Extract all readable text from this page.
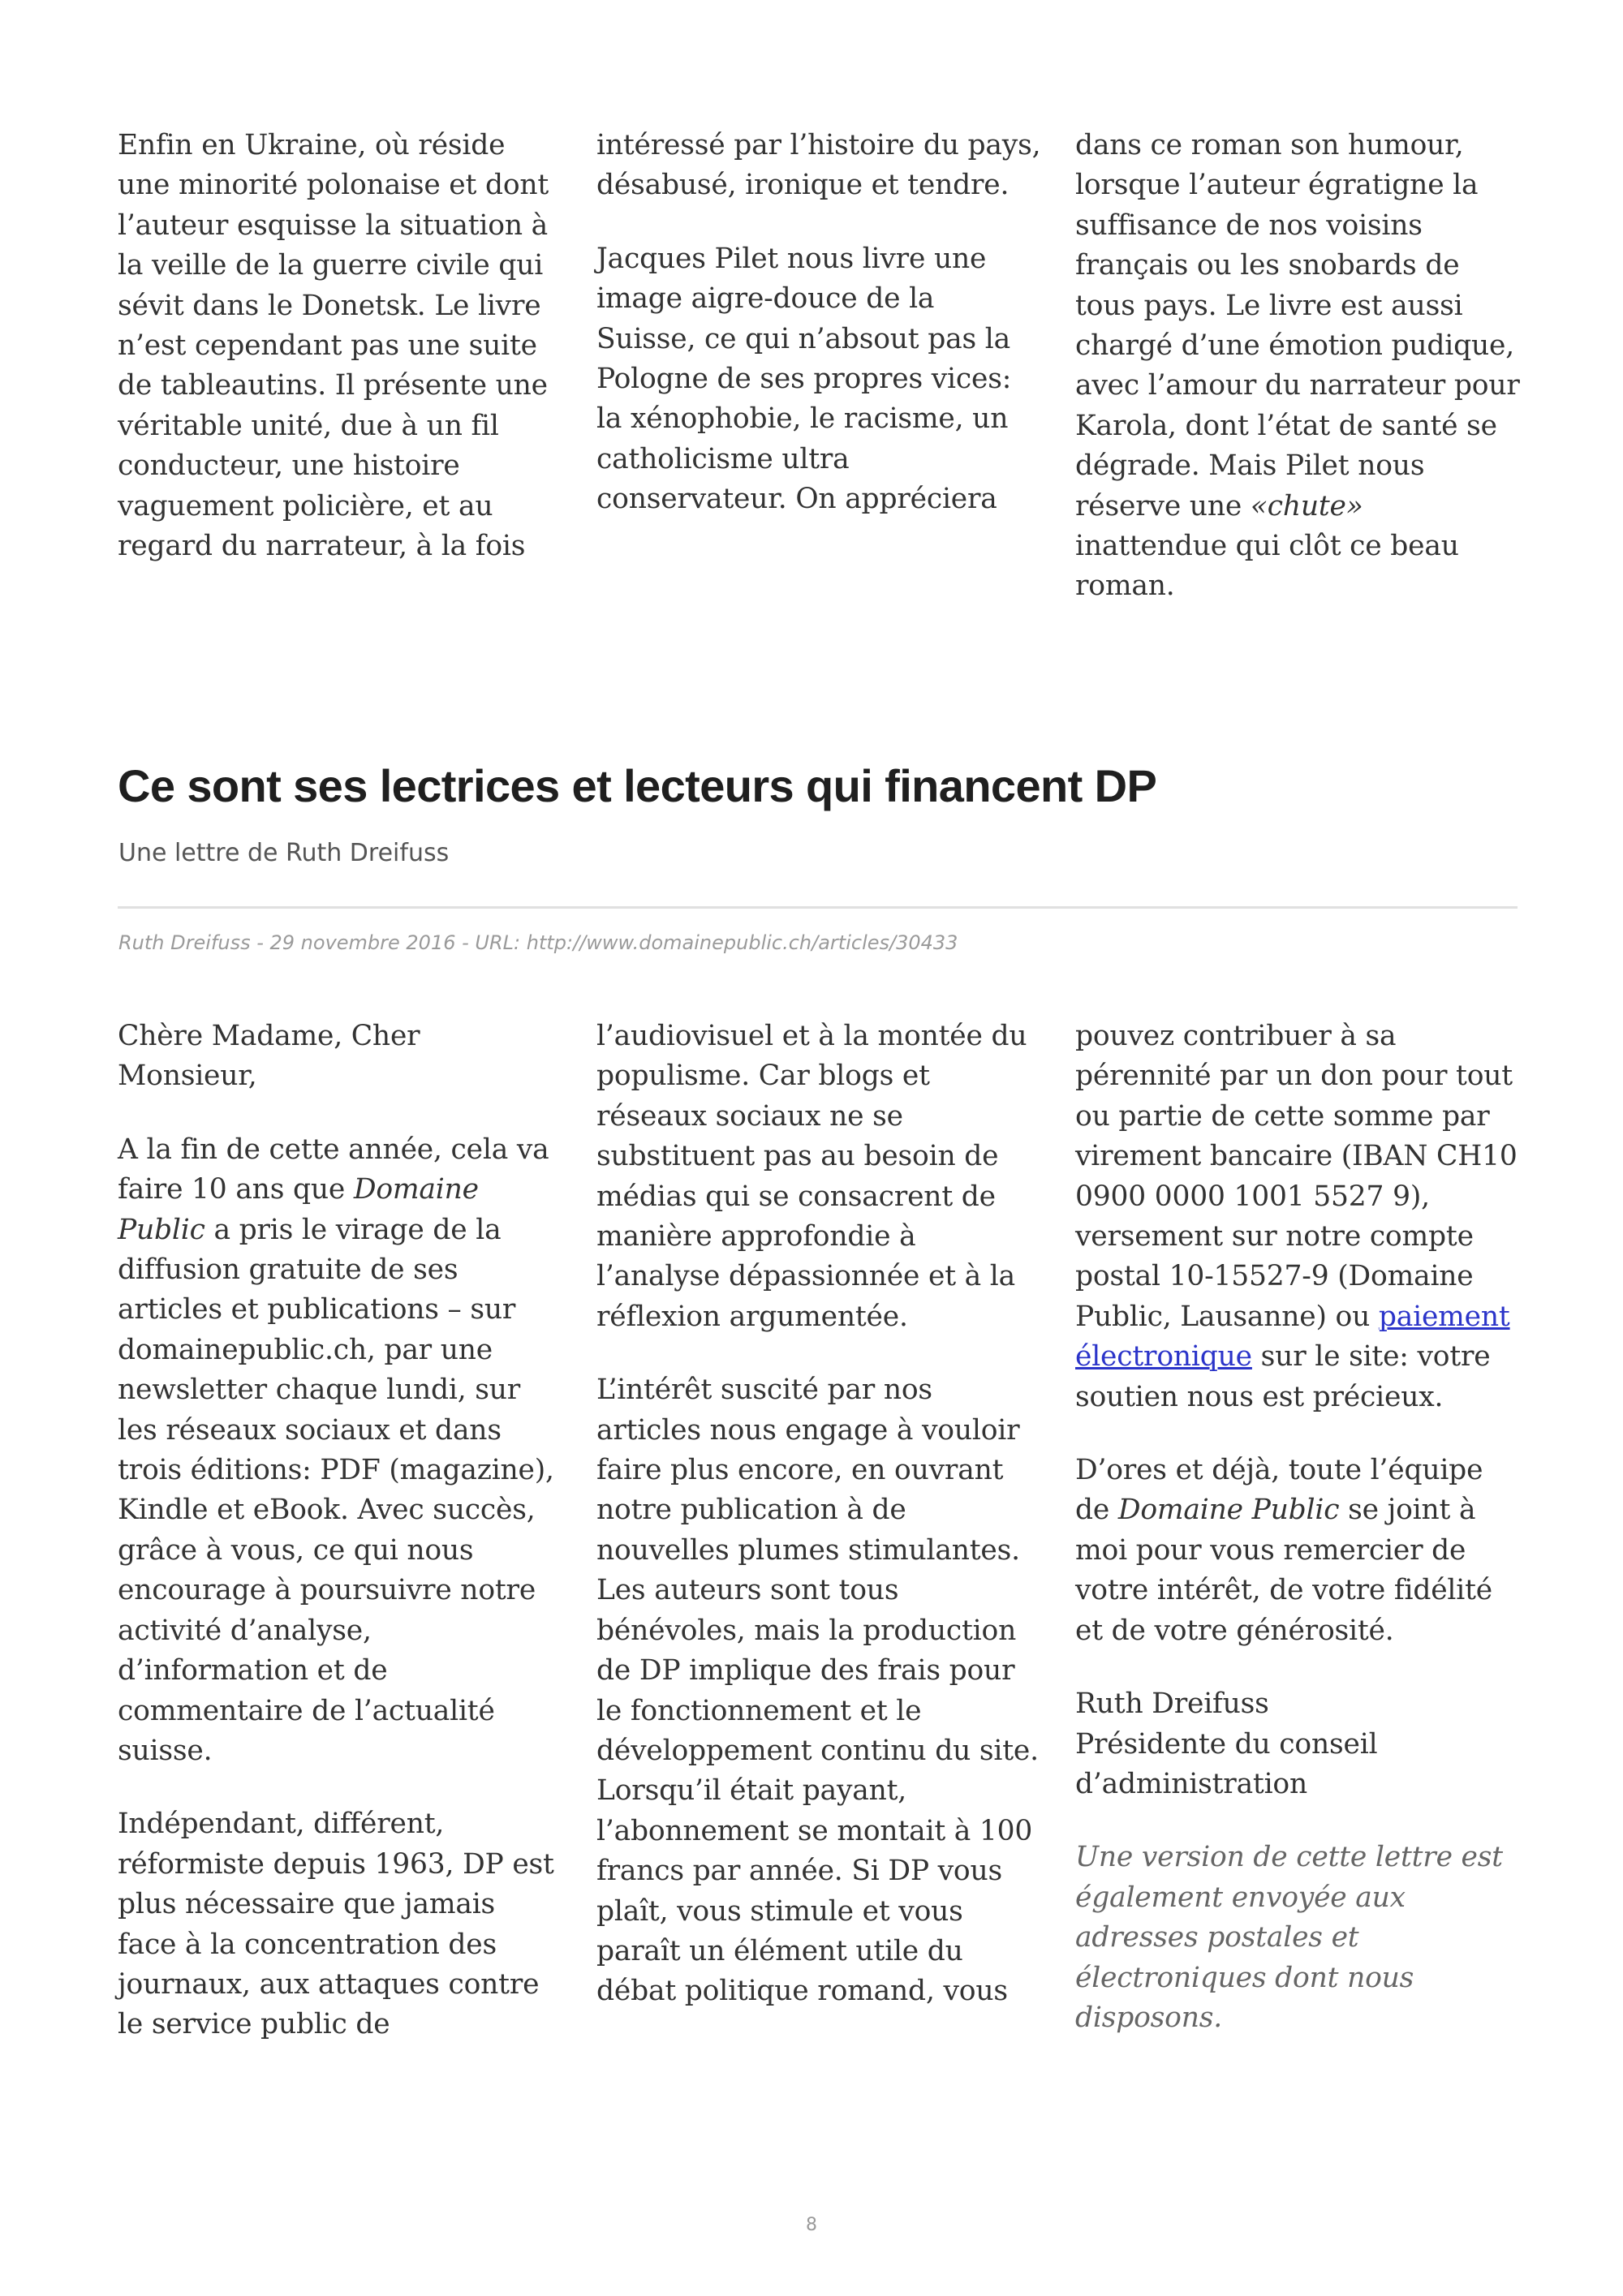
Enfin en Ukraine, où réside une minorité polonaise et dont l’auteur esquisse la situation à la veille de la guerre civile qui sévit dans le Donetsk. Le livre n’est cependant pas une suite de tableautins. Il présente une véritable unité, due à un fil conducteur, une histoire vaguement policière, et au regard du narrateur, à la fois

intéressé par l’histoire du pays, désabusé, ironique et tendre.

Jacques Pilet nous livre une image aigre-douce de la Suisse, ce qui n’absout pas la Pologne de ses propres vices: la xénophobie, le racisme, un catholicisme ultra conservateur. On appréciera

dans ce roman son humour, lorsque l’auteur égratigne la suffisance de nos voisins français ou les snobards de tous pays. Le livre est aussi chargé d’une émotion pudique, avec l’amour du narrateur pour Karola, dont l’état de santé se dégrade. Mais Pilet nous réserve une «chute» inattendue qui clôt ce beau roman.

Ce sont ses lectrices et lecteurs qui financent DP

Une lettre de Ruth Dreifuss

Ruth Dreifuss - 29 novembre 2016 - URL: http://www.domainepublic.ch/articles/30433

Chère Madame, Cher Monsieur,

A la fin de cette année, cela va faire 10 ans que Domaine Public a pris le virage de la diffusion gratuite de ses articles et publications – sur domainepublic.ch, par une newsletter chaque lundi, sur les réseaux sociaux et dans trois éditions: PDF (magazine), Kindle et eBook. Avec succès, grâce à vous, ce qui nous encourage à poursuivre notre activité d’analyse, d’information et de commentaire de l’actualité suisse.

Indépendant, différent, réformiste depuis 1963, DP est plus nécessaire que jamais face à la concentration des journaux, aux attaques contre le service public de

l’audiovisuel et à la montée du populisme. Car blogs et réseaux sociaux ne se substituent pas au besoin de médias qui se consacrent de manière approfondie à l’analyse dépassionnée et à la réflexion argumentée.

L’intérêt suscité par nos articles nous engage à vouloir faire plus encore, en ouvrant notre publication à de nouvelles plumes stimulantes. Les auteurs sont tous bénévoles, mais la production de DP implique des frais pour le fonctionnement et le développement continu du site. Lorsqu’il était payant, l’abonnement se montait à 100 francs par année. Si DP vous plaît, vous stimule et vous paraît un élément utile du débat politique romand, vous

pouvez contribuer à sa pérennité par un don pour tout ou partie de cette somme par virement bancaire (IBAN CH10 0900 0000 1001 5527 9), versement sur notre compte postal 10-15527-9 (Domaine Public, Lausanne) ou paiement électronique sur le site: votre soutien nous est précieux.

D’ores et déjà, toute l’équipe de Domaine Public se joint à moi pour vous remercier de votre intérêt, de votre fidélité et de votre générosité.

Ruth Dreifuss
Présidente du conseil d’administration

Une version de cette lettre est également envoyée aux adresses postales et électroniques dont nous disposons.

8
